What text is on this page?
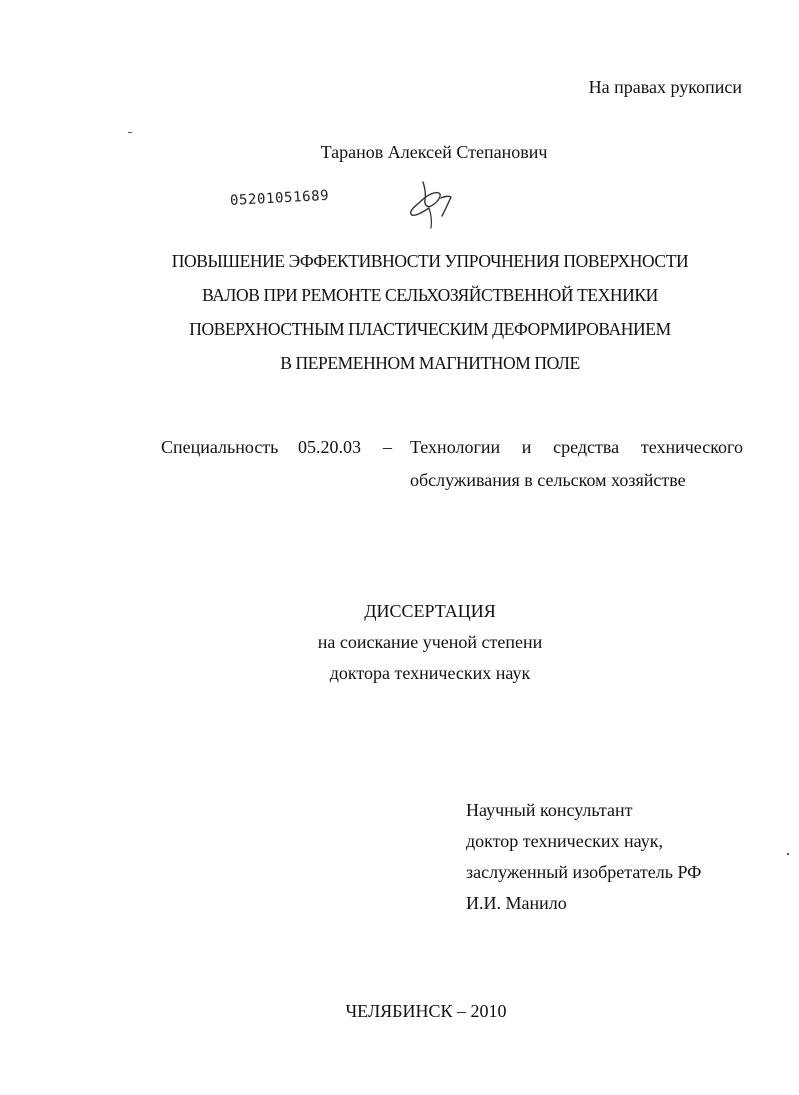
На правах рукописи
Таранов Алексей Степанович
05201051689
ПОВЫШЕНИЕ ЭФФЕКТИВНОСТИ УПРОЧНЕНИЯ ПОВЕРХНОСТИ
ВАЛОВ ПРИ РЕМОНТЕ СЕЛЬХОЗЯЙСТВЕННОЙ ТЕХНИКИ
ПОВЕРХНОСТНЫМ ПЛАСТИЧЕСКИМ ДЕФОРМИРОВАНИЕМ
В ПЕРЕМЕННОМ МАГНИТНОМ ПОЛЕ
Специальность 05.20.03 – Технологии и средства технического
обслуживания в сельском хозяйстве
ДИССЕРТАЦИЯ
на соискание ученой степени
доктора технических наук
Научный консультант
доктор технических наук,
заслуженный изобретатель РФ
И.И. Манило
ЧЕЛЯБИНСК – 2010
